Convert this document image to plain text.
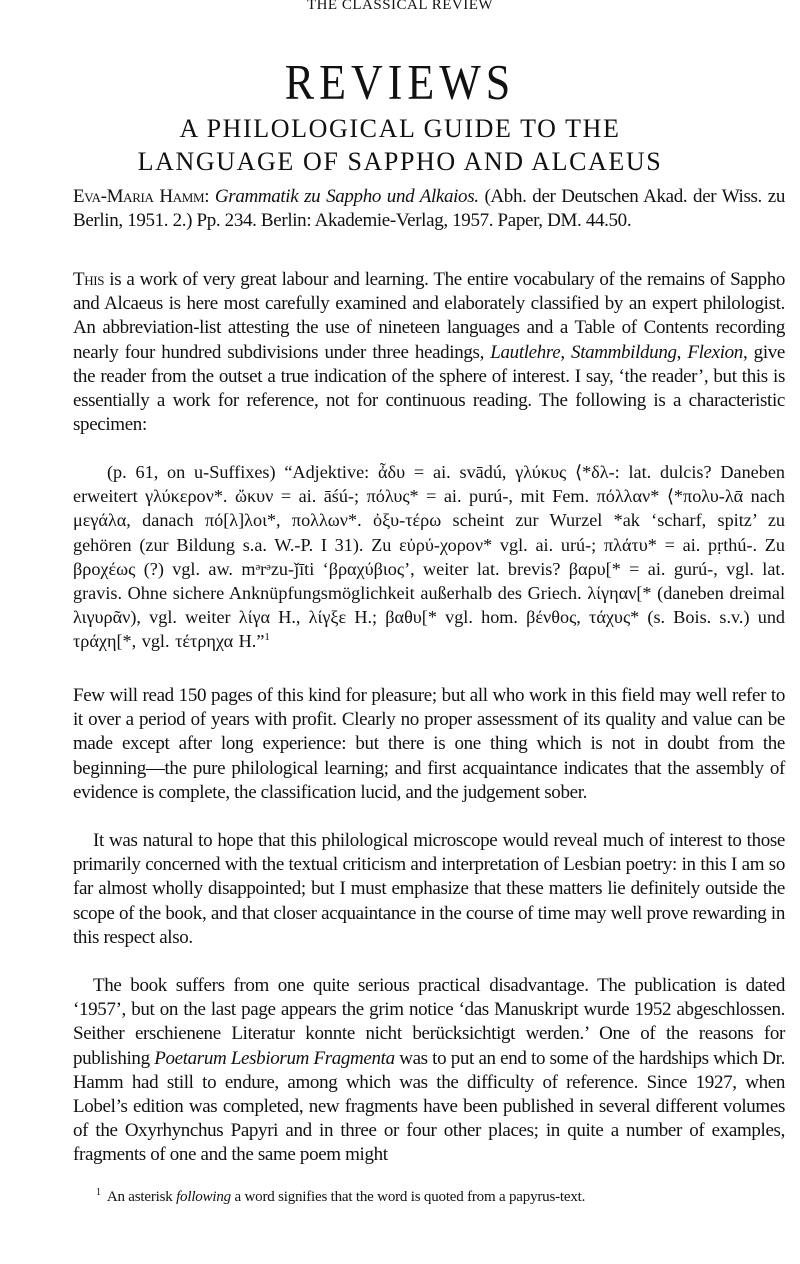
THE CLASSICAL REVIEW
REVIEWS
A PHILOLOGICAL GUIDE TO THE
LANGUAGE OF SAPPHO AND ALCAEUS
Eva-Maria Hamm: Grammatik zu Sappho und Alkaios. (Abh. der Deutschen Akad. der Wiss. zu Berlin, 1951. 2.) Pp. 234. Berlin: Akademie-Verlag, 1957. Paper, DM. 44.50.

This is a work of very great labour and learning. The entire vocabulary of the remains of Sappho and Alcaeus is here most carefully examined and elaborately classified by an expert philologist. An abbreviation-list attesting the use of nineteen languages and a Table of Contents recording nearly four hundred subdivisions under three headings, Lautlehre, Stammbildung, Flexion, give the reader from the outset a true indication of the sphere of interest. I say, ‘the reader’, but this is essentially a work for reference, not for continuous reading. The following is a characteristic specimen:

(p. 61, on u-Suffixes) “Adjektive: ἆδυ = ai. svādú, γλύκυς ⟨*δλ-: lat. dulcis? Daneben erweitert γλύκερον*. ὤκυν = ai. āśú-; πόλυς* = ai. purú-, mit Fem. πόλλαν* ⟨*πολυ-λᾱ nach μεγάλα, danach πό[λ]λοι*, πολλων*. ὀξυ-τέρω scheint zur Wurzel *ak ‘scharf, spitz’ zu gehören (zur Bildung s.a. W.-P. I 31). Zu εὐρύ-χορον* vgl. ai. urú-; πλάτυ* = ai. pṛthú-. Zu βροχέως (?) vgl. aw. mᵊrᵊzu-ǰīti ‘βραχύβιος’, weiter lat. brevis? βαρυ[* = ai. gurú-, vgl. lat. gravis. Ohne sichere Anknüpfungsmöglichkeit außerhalb des Griech. λίγηαν[* (daneben dreimal λιγυρᾶν), vgl. weiter λίγα H., λίγξε H.; βαθυ[* vgl. hom. βένθος, τάχυς* (s. Bois. s.v.) und τράχη[*, vgl. τέτρηχα H.”$^1$

Few will read 150 pages of this kind for pleasure; but all who work in this field may well refer to it over a period of years with profit. Clearly no proper assessment of its quality and value can be made except after long experience: but there is one thing which is not in doubt from the beginning—the pure philological learning; and first acquaintance indicates that the assembly of evidence is complete, the classification lucid, and the judgement sober.

It was natural to hope that this philological microscope would reveal much of interest to those primarily concerned with the textual criticism and interpretation of Lesbian poetry: in this I am so far almost wholly disappointed; but I must emphasize that these matters lie definitely outside the scope of the book, and that closer acquaintance in the course of time may well prove rewarding in this respect also.

The book suffers from one quite serious practical disadvantage. The publication is dated ‘1957’, but on the last page appears the grim notice ‘das Manuskript wurde 1952 abgeschlossen. Seither erschienene Literatur konnte nicht berücksichtigt werden.’ One of the reasons for publishing Poetarum Lesbiorum Fragmenta was to put an end to some of the hardships which Dr. Hamm had still to endure, among which was the difficulty of reference. Since 1927, when Lobel’s edition was completed, new fragments have been published in several different volumes of the Oxyrhynchus Papyri and in three or four other places; in quite a number of examples, fragments of one and the same poem might

$^1$ An asterisk following a word signifies that the word is quoted from a papyrus-text.
